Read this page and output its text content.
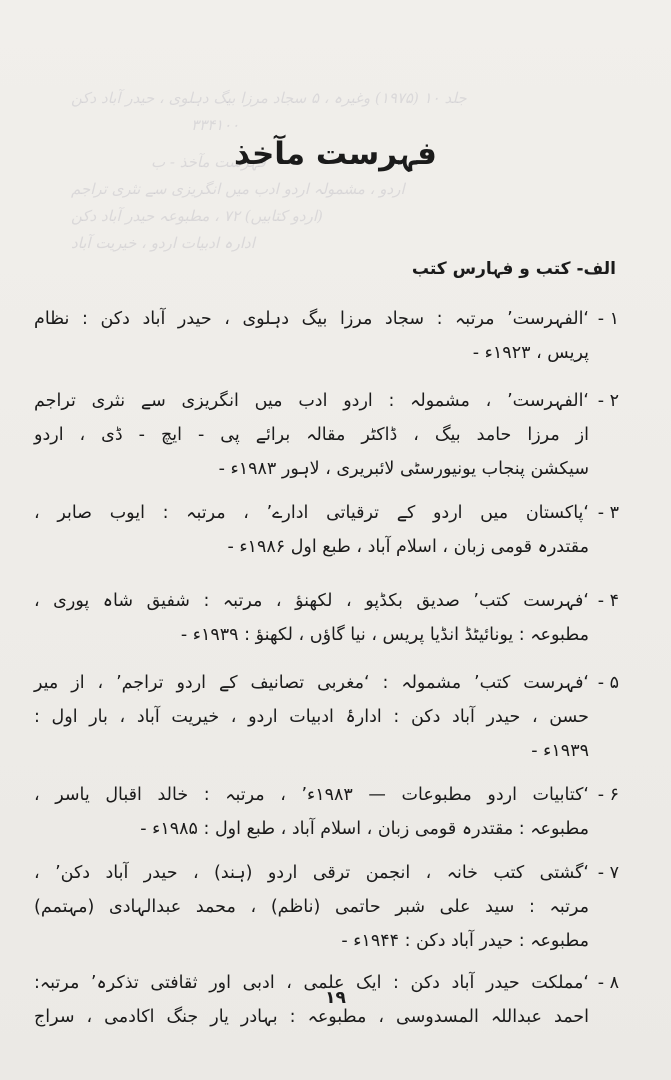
جلد ۱۰ (۱۹۷۵) وغیرہ ، ۵ سجاد مرزا بیگ دہلوی ، حیدر آباد دکن
۳۳۴۱۰۰
فہرست مآخذ - ب
اردو ، مشمولہ اردو ادب میں انگریزی سے نثری تراجم
(اردو کتابیں) ۷۲ ، مطبوعہ حیدر آباد دکن
ادارہ ادبیات اردو ، خیریت آباد
فہرست مآخذ
الف- کتب و فہارس کتب
۱ -
‘الفہرست’ مرتبہ : سجاد مرزا بیگ دہلوی ، حیدر آباد دکن : نظام
پریس ، ۱۹۲۳ء -
۲ -
‘الفہرست’ ، مشمولہ : اردو ادب میں انگریزی سے نثری تراجم
از مرزا حامد بیگ ، ڈاکٹر مقالہ برائے پی - ایچ - ڈی ، اردو
سیکشن پنجاب یونیورسٹی لائبریری ، لاہور ۱۹۸۳ء -
۳ -
‘پاکستان میں اردو کے ترقیاتی ادارے’ ، مرتبہ : ایوب صابر ،
مقتدرہ قومی زبان ، اسلام آباد ، طبع اول ۱۹۸۶ء -
۴ -
‘فہرست کتب’ صدیق بکڈپو ، لکھنؤ ، مرتبہ : شفیق شاہ پوری ،
مطبوعہ : یونائیٹڈ انڈیا پریس ، نیا گاؤں ، لکھنؤ : ۱۹۳۹ء -
۵ -
‘فہرست کتب’ مشمولہ : ‘مغربی تصانیف کے اردو تراجم’ ، از میر
حسن ، حیدر آباد دکن : ادارۂ ادبیات اردو ، خیریت آباد ، بار اول :
۱۹۳۹ء -
۶ -
‘کتابیات اردو مطبوعات — ۱۹۸۳ء’ ، مرتبہ : خالد اقبال یاسر ،
مطبوعہ : مقتدرہ قومی زبان ، اسلام آباد ، طبع اول : ۱۹۸۵ء -
۷ -
‘گشتی کتب خانہ ، انجمن ترقی اردو (ہند) ، حیدر آباد دکن’ ،
مرتبہ : سید علی شبر حاتمی (ناظم) ، محمد عبدالہادی (مہتمم)
مطبوعہ : حیدر آباد دکن : ۱۹۴۴ء -
۸ -
‘مملکت حیدر آباد دکن : ایک علمی ، ادبی اور ثقافتی تذکرہ’ مرتبہ:
احمد عبداللہ المسدوسی ، مطبوعہ : بہادر یار جنگ اکادمی ، سراج
۱۹
